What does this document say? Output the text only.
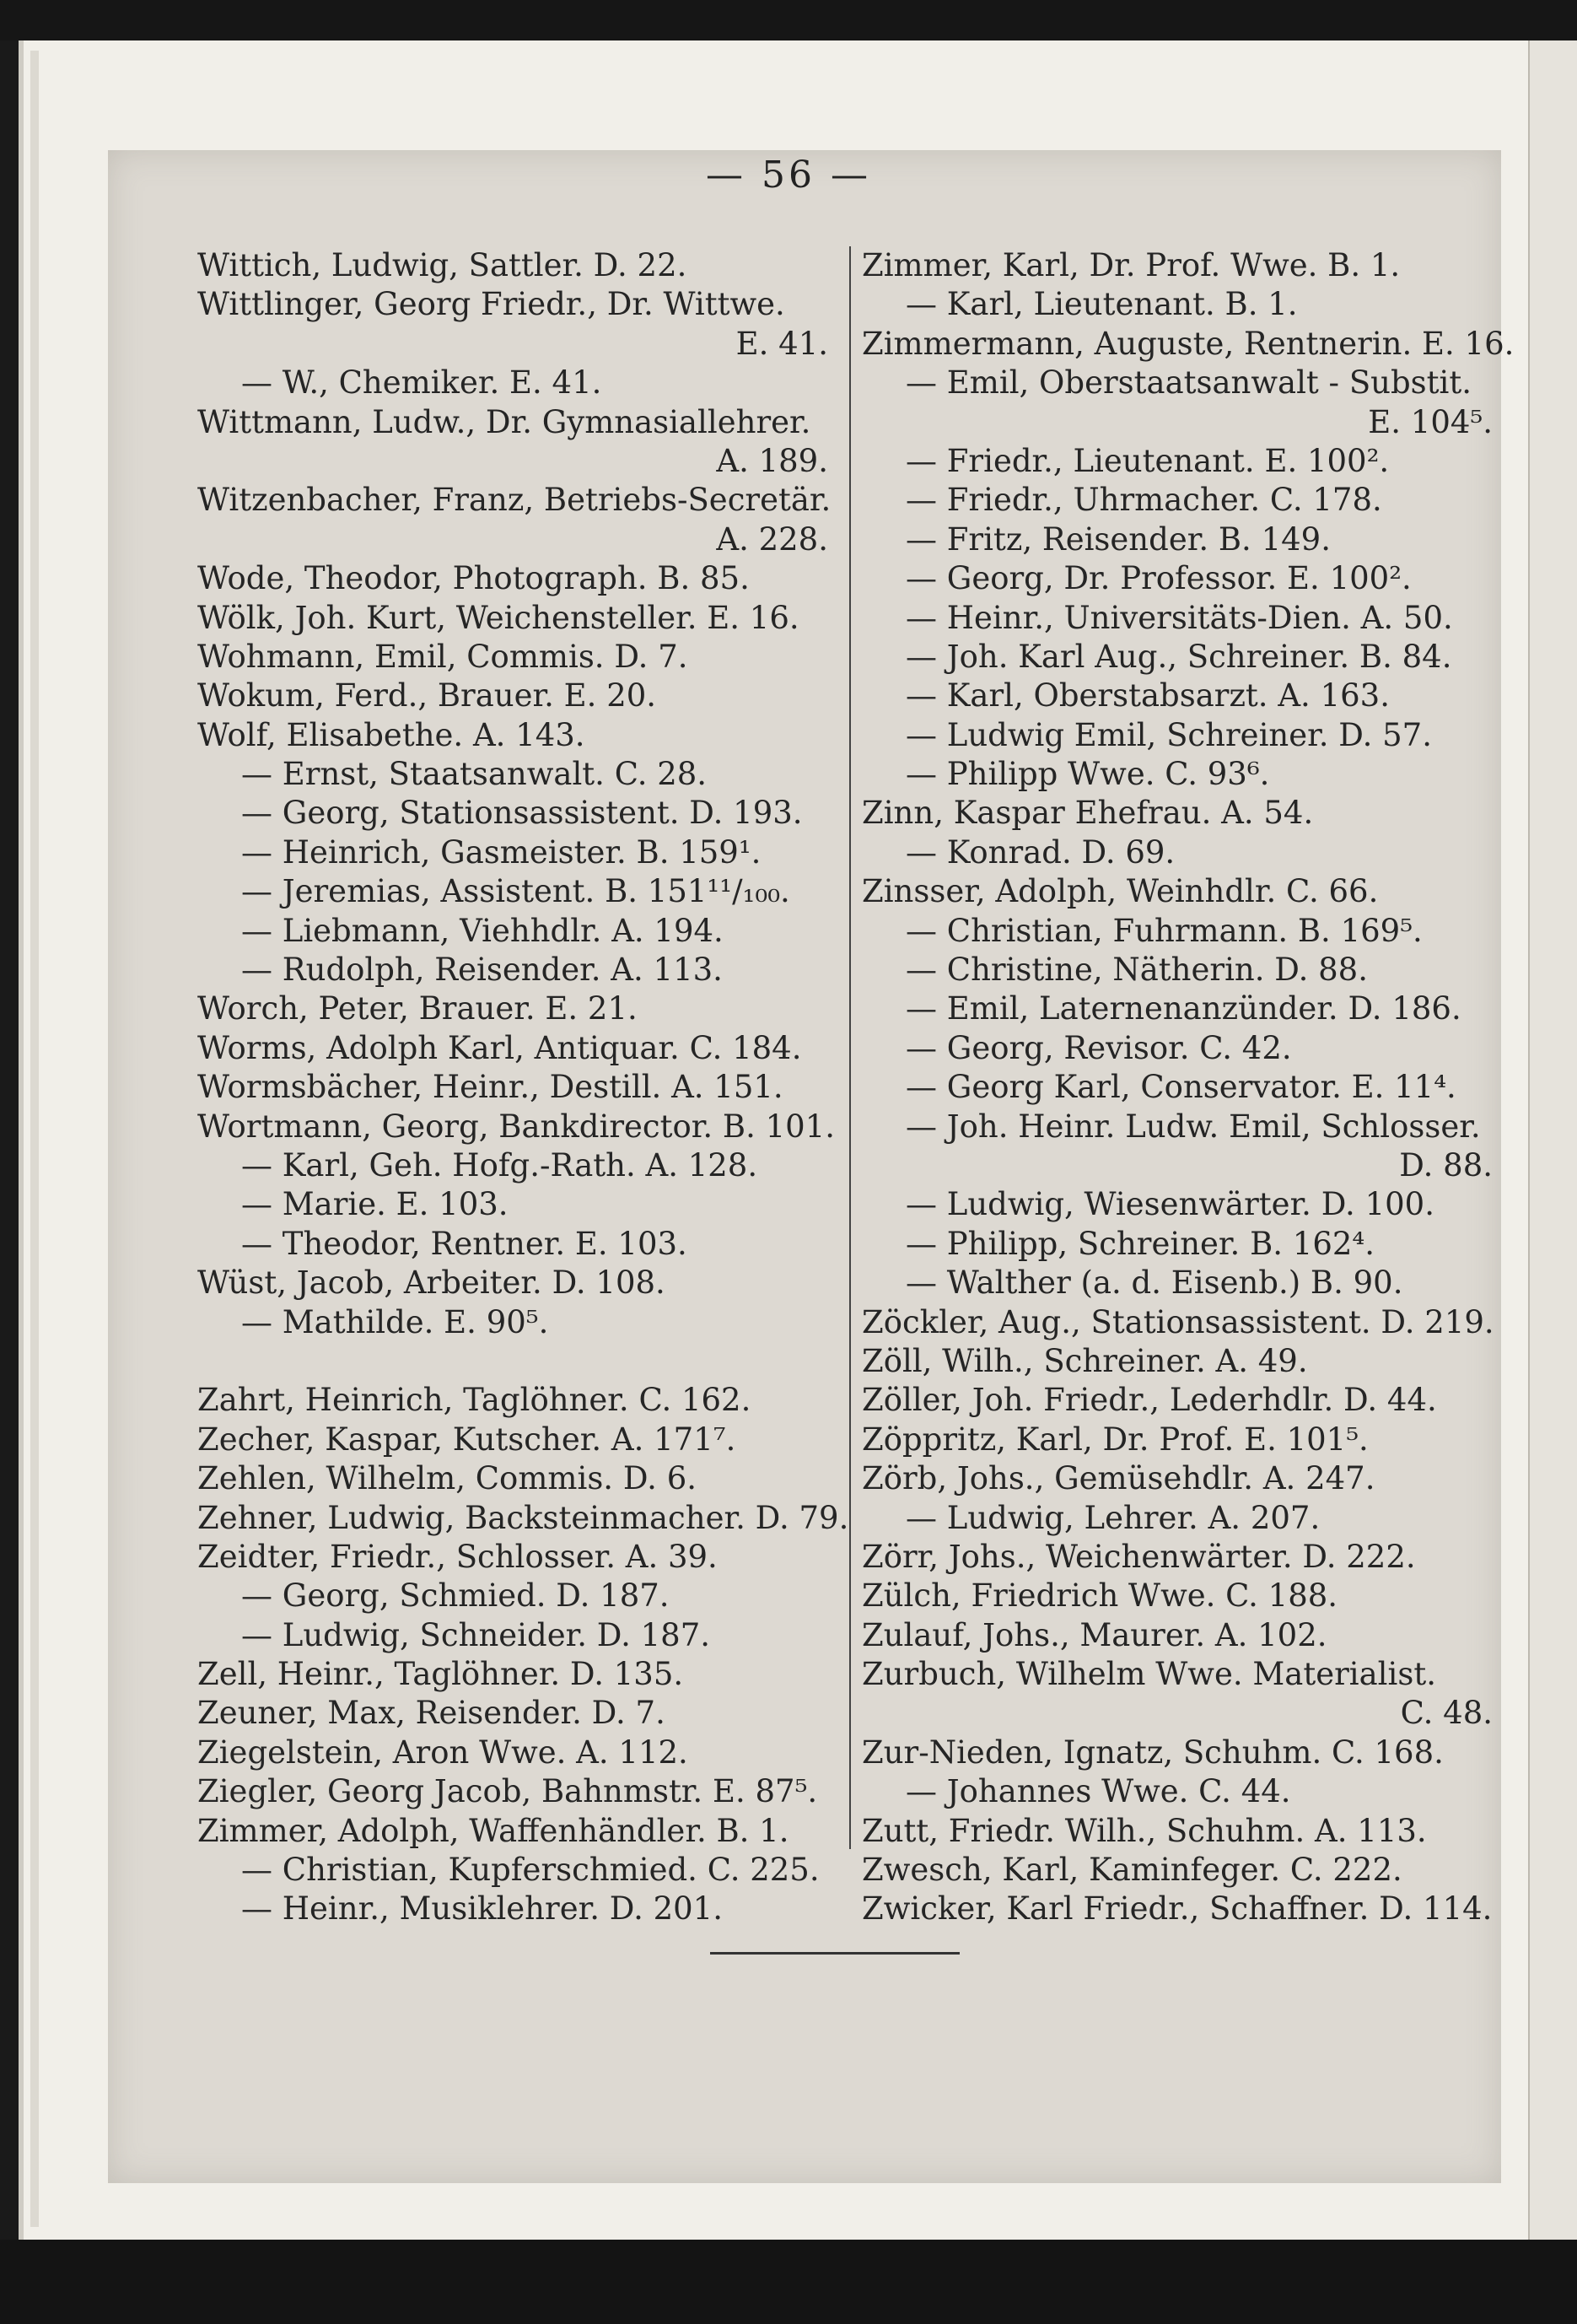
— 56 —
Wittich, Ludwig, Sattler. D. 22.
Wittlinger, Georg Friedr., Dr. Wittwe.
E. 41.
— W., Chemiker. E. 41.
Wittmann, Ludw., Dr. Gymnasiallehrer.
A. 189.
Witzenbacher, Franz, Betriebs-Secretär.
A. 228.
Wode, Theodor, Photograph. B. 85.
Wölk, Joh. Kurt, Weichensteller. E. 16.
Wohmann, Emil, Commis. D. 7.
Wokum, Ferd., Brauer. E. 20.
Wolf, Elisabethe. A. 143.
— Ernst, Staatsanwalt. C. 28.
— Georg, Stationsassistent. D. 193.
— Heinrich, Gasmeister. B. 159¹.
— Jeremias, Assistent. B. 151¹¹/₁₀₀.
— Liebmann, Viehhdlr. A. 194.
— Rudolph, Reisender. A. 113.
Worch, Peter, Brauer. E. 21.
Worms, Adolph Karl, Antiquar. C. 184.
Wormsbächer, Heinr., Destill. A. 151.
Wortmann, Georg, Bankdirector. B. 101.
— Karl, Geh. Hofg.-Rath. A. 128.
— Marie. E. 103.
— Theodor, Rentner. E. 103.
Wüst, Jacob, Arbeiter. D. 108.
— Mathilde. E. 90⁵.
Zahrt, Heinrich, Taglöhner. C. 162.
Zecher, Kaspar, Kutscher. A. 171⁷.
Zehlen, Wilhelm, Commis. D. 6.
Zehner, Ludwig, Backsteinmacher. D. 79.
Zeidter, Friedr., Schlosser. A. 39.
— Georg, Schmied. D. 187.
— Ludwig, Schneider. D. 187.
Zell, Heinr., Taglöhner. D. 135.
Zeuner, Max, Reisender. D. 7.
Ziegelstein, Aron Wwe. A. 112.
Ziegler, Georg Jacob, Bahnmstr. E. 87⁵.
Zimmer, Adolph, Waffenhändler. B. 1.
— Christian, Kupferschmied. C. 225.
— Heinr., Musiklehrer. D. 201.
Zimmer, Karl, Dr. Prof. Wwe. B. 1.
— Karl, Lieutenant. B. 1.
Zimmermann, Auguste, Rentnerin. E. 16.
— Emil, Oberstaatsanwalt - Substit.
E. 104⁵.
— Friedr., Lieutenant. E. 100².
— Friedr., Uhrmacher. C. 178.
— Fritz, Reisender. B. 149.
— Georg, Dr. Professor. E. 100².
— Heinr., Universitäts-Dien. A. 50.
— Joh. Karl Aug., Schreiner. B. 84.
— Karl, Oberstabsarzt. A. 163.
— Ludwig Emil, Schreiner. D. 57.
— Philipp Wwe. C. 93⁶.
Zinn, Kaspar Ehefrau. A. 54.
— Konrad. D. 69.
Zinsser, Adolph, Weinhdlr. C. 66.
— Christian, Fuhrmann. B. 169⁵.
— Christine, Nätherin. D. 88.
— Emil, Laternenanzünder. D. 186.
— Georg, Revisor. C. 42.
— Georg Karl, Conservator. E. 11⁴.
— Joh. Heinr. Ludw. Emil, Schlosser.
D. 88.
— Ludwig, Wiesenwärter. D. 100.
— Philipp, Schreiner. B. 162⁴.
— Walther (a. d. Eisenb.) B. 90.
Zöckler, Aug., Stationsassistent. D. 219.
Zöll, Wilh., Schreiner. A. 49.
Zöller, Joh. Friedr., Lederhdlr. D. 44.
Zöppritz, Karl, Dr. Prof. E. 101⁵.
Zörb, Johs., Gemüsehdlr. A. 247.
— Ludwig, Lehrer. A. 207.
Zörr, Johs., Weichenwärter. D. 222.
Zülch, Friedrich Wwe. C. 188.
Zulauf, Johs., Maurer. A. 102.
Zurbuch, Wilhelm Wwe. Materialist.
C. 48.
Zur-Nieden, Ignatz, Schuhm. C. 168.
— Johannes Wwe. C. 44.
Zutt, Friedr. Wilh., Schuhm. A. 113.
Zwesch, Karl, Kaminfeger. C. 222.
Zwicker, Karl Friedr., Schaffner. D. 114.
